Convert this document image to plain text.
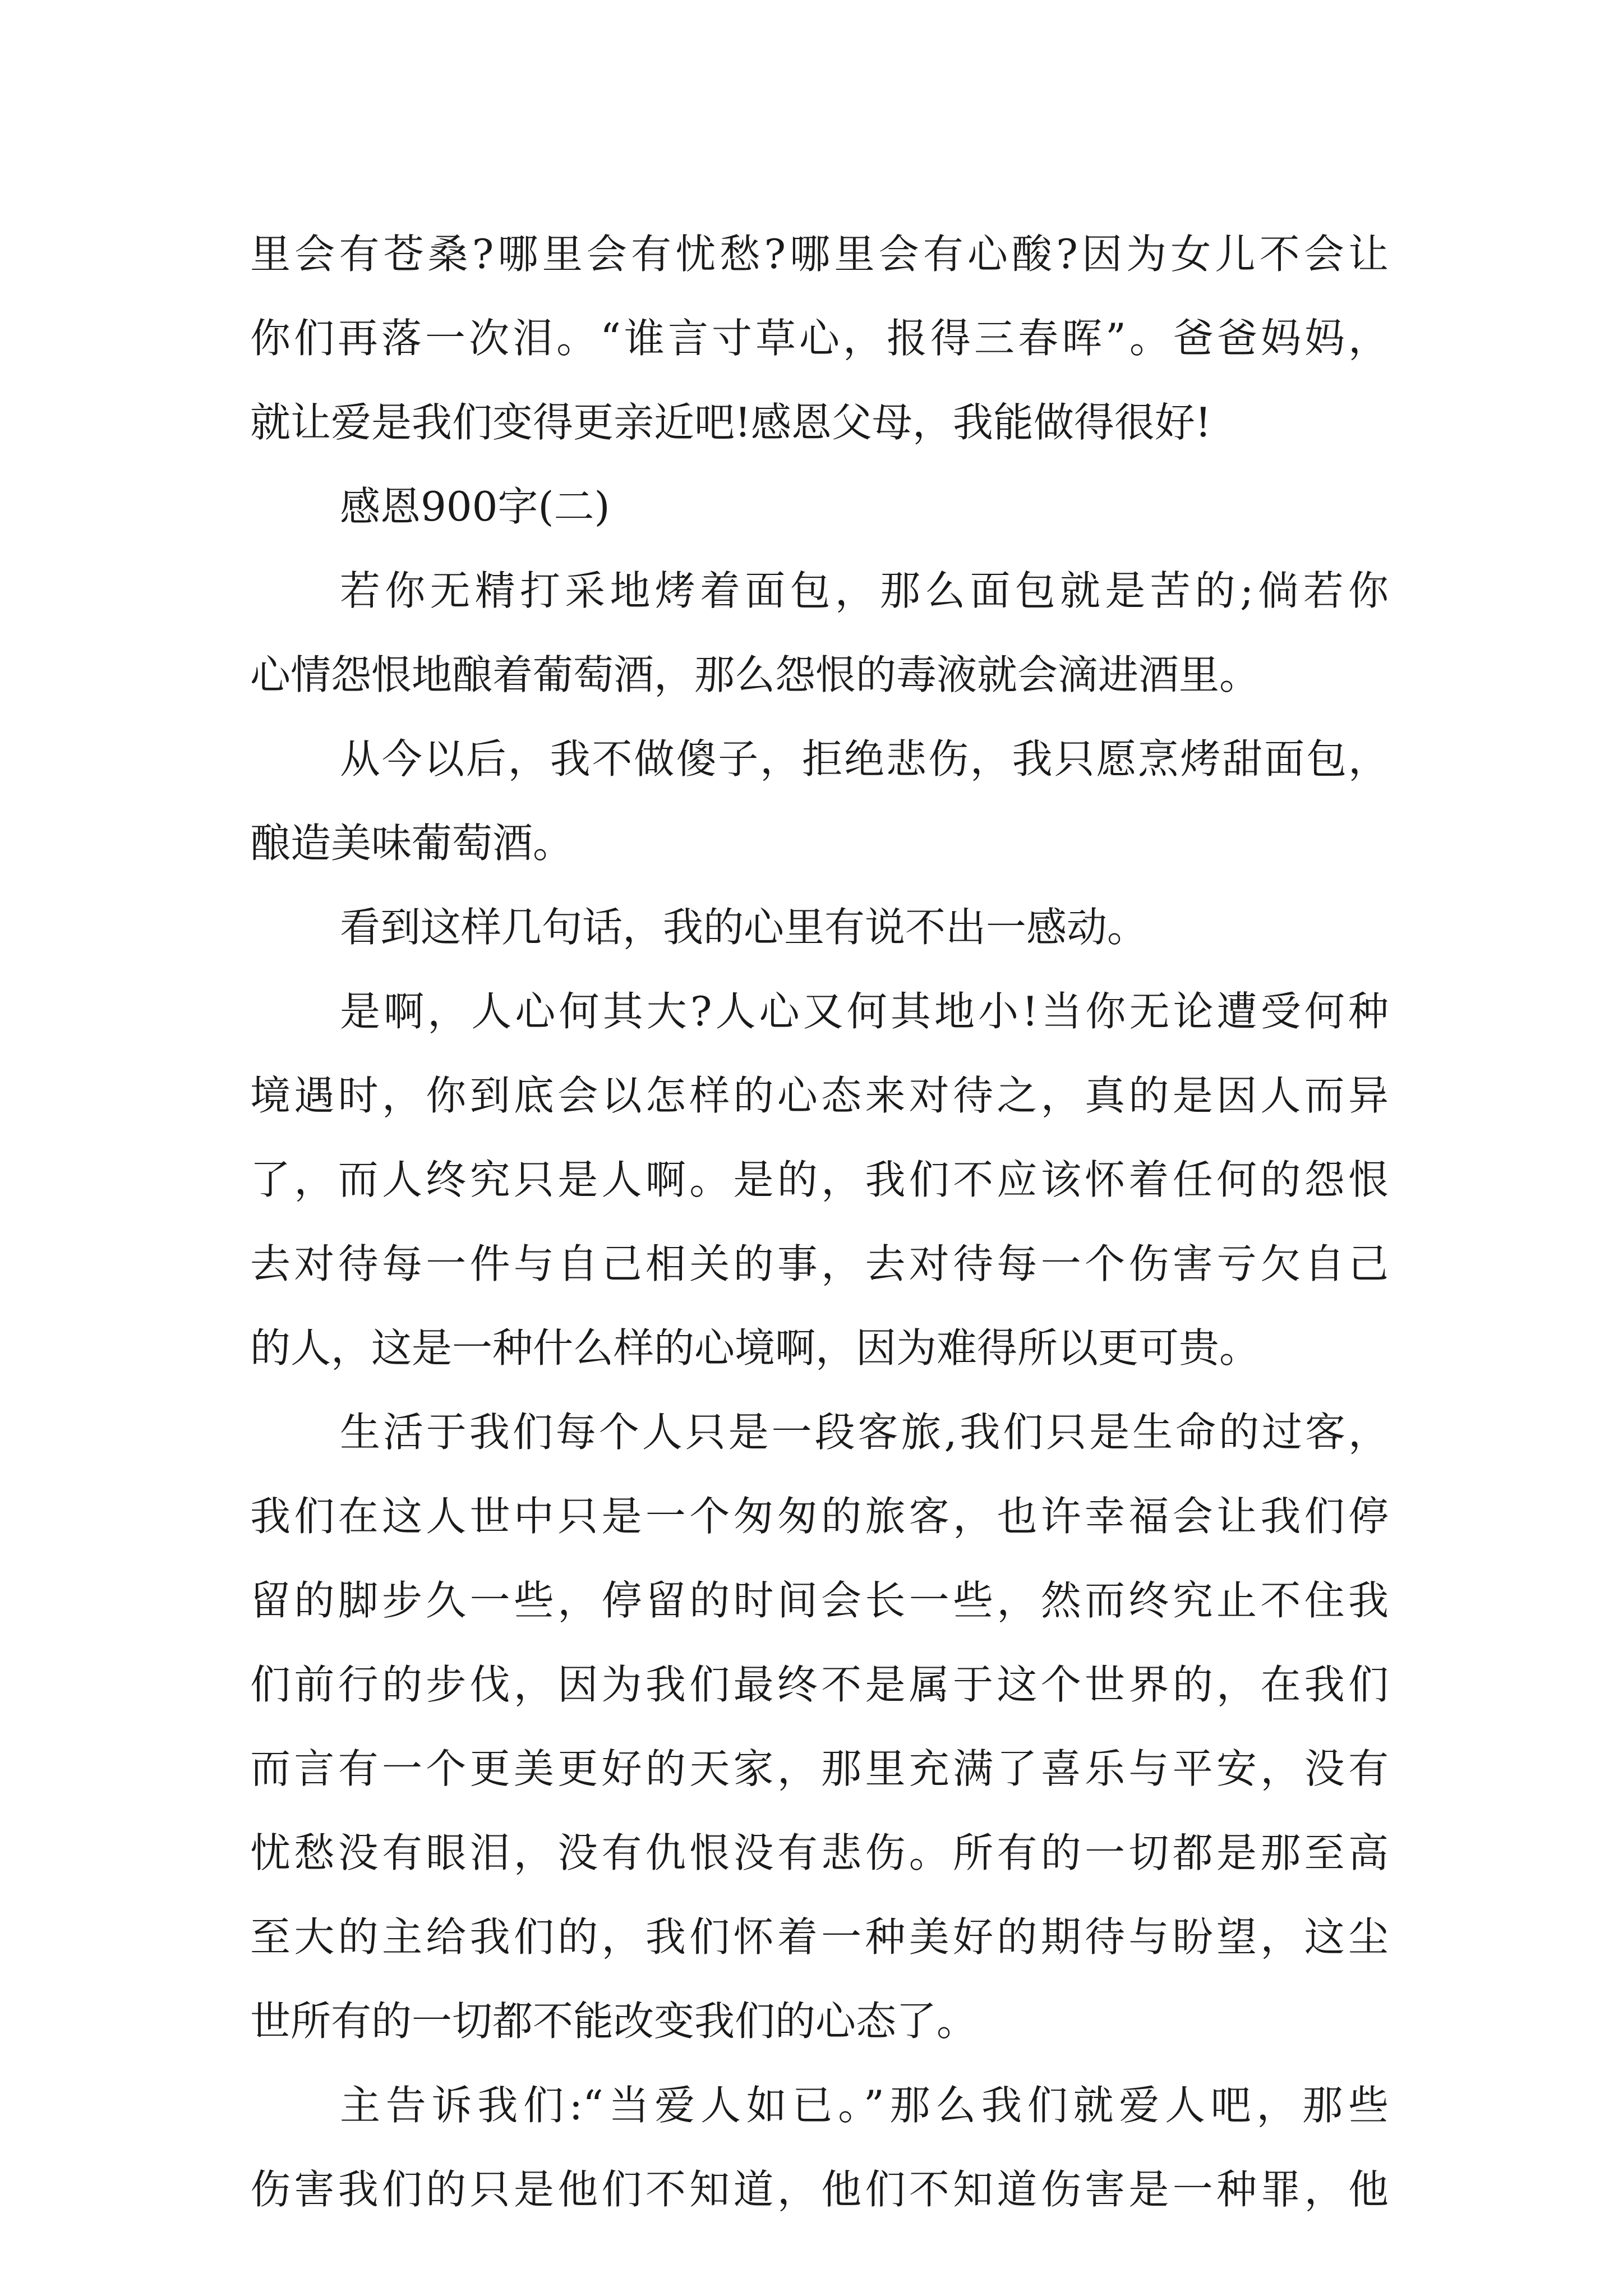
里会有苍桑?哪里会有忧愁?哪里会有心酸?因为女儿不会让
你们再落一次泪。“谁言寸草心，报得三春晖”。爸爸妈妈，
就让爱是我们变得更亲近吧!感恩父母，我能做得很好!
感恩900字(二)
若你无精打采地烤着面包，那么面包就是苦的;倘若你
心情怨恨地酿着葡萄酒，那么怨恨的毒液就会滴进酒里。
从今以后，我不做傻子，拒绝悲伤，我只愿烹烤甜面包，
酿造美味葡萄酒。
看到这样几句话，我的心里有说不出一感动。
是啊，人心何其大?人心又何其地小!当你无论遭受何种
境遇时，你到底会以怎样的心态来对待之，真的是因人而异
了，而人终究只是人啊。是的，我们不应该怀着任何的怨恨
去对待每一件与自己相关的事，去对待每一个伤害亏欠自己
的人，这是一种什么样的心境啊，因为难得所以更可贵。
生活于我们每个人只是一段客旅,我们只是生命的过客，
我们在这人世中只是一个匆匆的旅客，也许幸福会让我们停
留的脚步久一些，停留的时间会长一些，然而终究止不住我
们前行的步伐，因为我们最终不是属于这个世界的，在我们
而言有一个更美更好的天家，那里充满了喜乐与平安，没有
忧愁没有眼泪，没有仇恨没有悲伤。所有的一切都是那至高
至大的主给我们的，我们怀着一种美好的期待与盼望，这尘
世所有的一切都不能改变我们的心态了。
主告诉我们:“当爱人如已。”那么我们就爱人吧，那些
伤害我们的只是他们不知道，他们不知道伤害是一种罪，他
